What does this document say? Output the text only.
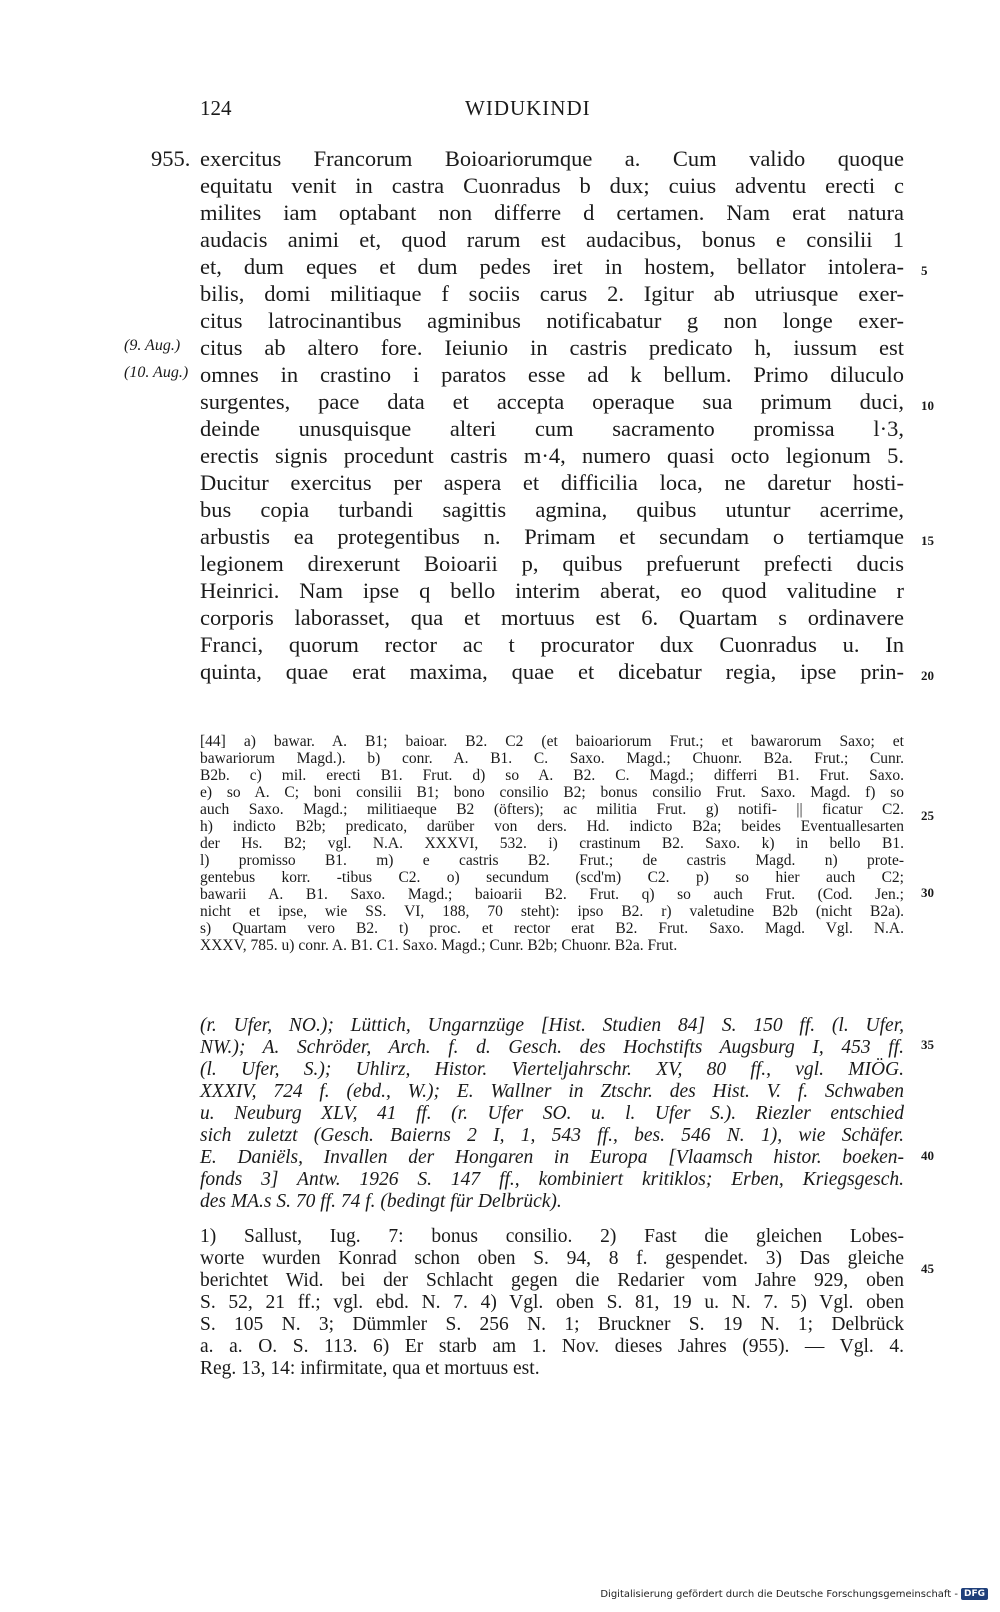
124	WIDUKINDI
955.
(9. Aug.)
(10. Aug.)
5
10
15
20
25
30
35
40
45
exercitus Francorum Boioariorumque a. Cum valido quoque
equitatu venit in castra Cuonradus b dux; cuius adventu erecti c
milites iam optabant non differre d certamen. Nam erat natura
audacis animi et, quod rarum est audacibus, bonus e consilii 1
et, dum eques et dum pedes iret in hostem, bellator intolera-
bilis, domi militiaque f sociis carus 2. Igitur ab utriusque exer-
citus latrocinantibus agminibus notificabatur g non longe exer-
citus ab altero fore. Ieiunio in castris predicato h, iussum est
omnes in crastino i paratos esse ad k bellum. Primo diluculo
surgentes, pace data et accepta operaque sua primum duci,
deinde unusquisque alteri cum sacramento promissa l·3,
erectis signis procedunt castris m·4, numero quasi octo legionum 5.
Ducitur exercitus per aspera et difficilia loca, ne daretur hosti-
bus copia turbandi sagittis agmina, quibus utuntur acerrime,
arbustis ea protegentibus n. Primam et secundam o tertiamque
legionem direxerunt Boioarii p, quibus prefuerunt prefecti ducis
Heinrici. Nam ipse q bello interim aberat, eo quod valitudine r
corporis laborasset, qua et mortuus est 6. Quartam s ordinavere
Franci, quorum rector ac t procurator dux Cuonradus u. In
quinta, quae erat maxima, quae et dicebatur regia, ipse prin-
[44] a) bawar. A. B1; baioar. B2. C2 (et baioariorum Frut.; et bawarorum Saxo; et
bawariorum Magd.). b) conr. A. B1. C. Saxo. Magd.; Chuonr. B2a. Frut.; Cunr.
B2b. c) mil. erecti B1. Frut. d) so A. B2. C. Magd.; differri B1. Frut. Saxo.
e) so A. C; boni consilii B1; bono consilio B2; bonus consilio Frut. Saxo. Magd. f) so
auch Saxo. Magd.; militiaeque B2 (öfters); ac militia Frut. g) notifi- || ficatur C2.
h) indicto B2b; predicato, darüber von ders. Hd. indicto B2a; beides Eventuallesarten
der Hs. B2; vgl. N.A. XXXVI, 532. i) crastinum B2. Saxo. k) in bello B1.
l) promisso B1. m) e castris B2. Frut.; de castris Magd. n) prote-
gentebus korr. -tibus C2. o) secundum (scd'm) C2. p) so hier auch C2;
bawarii A. B1. Saxo. Magd.; baioarii B2. Frut. q) so auch Frut. (Cod. Jen.;
nicht et ipse, wie SS. VI, 188, 70 steht): ipso B2. r) valetudine B2b (nicht B2a).
s) Quartam vero B2. t) proc. et rector erat B2. Frut. Saxo. Magd. Vgl. N.A.
XXXV, 785. u) conr. A. B1. C1. Saxo. Magd.; Cunr. B2b; Chuonr. B2a. Frut.
(r. Ufer, NO.); Lüttich, Ungarnzüge [Hist. Studien 84] S. 150 ff. (l. Ufer,
NW.); A. Schröder, Arch. f. d. Gesch. des Hochstifts Augsburg I, 453 ff.
(l. Ufer, S.); Uhlirz, Histor. Vierteljahrschr. XV, 80 ff., vgl. MIÖG.
XXXIV, 724 f. (ebd., W.); E. Wallner in Ztschr. des Hist. V. f. Schwaben
u. Neuburg XLV, 41 ff. (r. Ufer SO. u. l. Ufer S.). Riezler entschied
sich zuletzt (Gesch. Baierns 2 I, 1, 543 ff., bes. 546 N. 1), wie Schäfer.
E. Daniëls, Invallen der Hongaren in Europa [Vlaamsch histor. boeken-
fonds 3] Antw. 1926 S. 147 ff., kombiniert kritiklos; Erben, Kriegsgesch.
des MA.s S. 70 ff. 74 f. (bedingt für Delbrück).
1) Sallust, Iug. 7: bonus consilio. 2) Fast die gleichen Lobes-
worte wurden Konrad schon oben S. 94, 8 f. gespendet. 3) Das gleiche
berichtet Wid. bei der Schlacht gegen die Redarier vom Jahre 929, oben
S. 52, 21 ff.; vgl. ebd. N. 7. 4) Vgl. oben S. 81, 19 u. N. 7. 5) Vgl. oben
S. 105 N. 3; Dümmler S. 256 N. 1; Bruckner S. 19 N. 1; Delbrück
a. a. O. S. 113. 6) Er starb am 1. Nov. dieses Jahres (955). — Vgl. 4.
Reg. 13, 14: infirmitate, qua et mortuus est.
Digitalisierung gefördert durch die Deutsche Forschungsgemeinschaft - DFG
